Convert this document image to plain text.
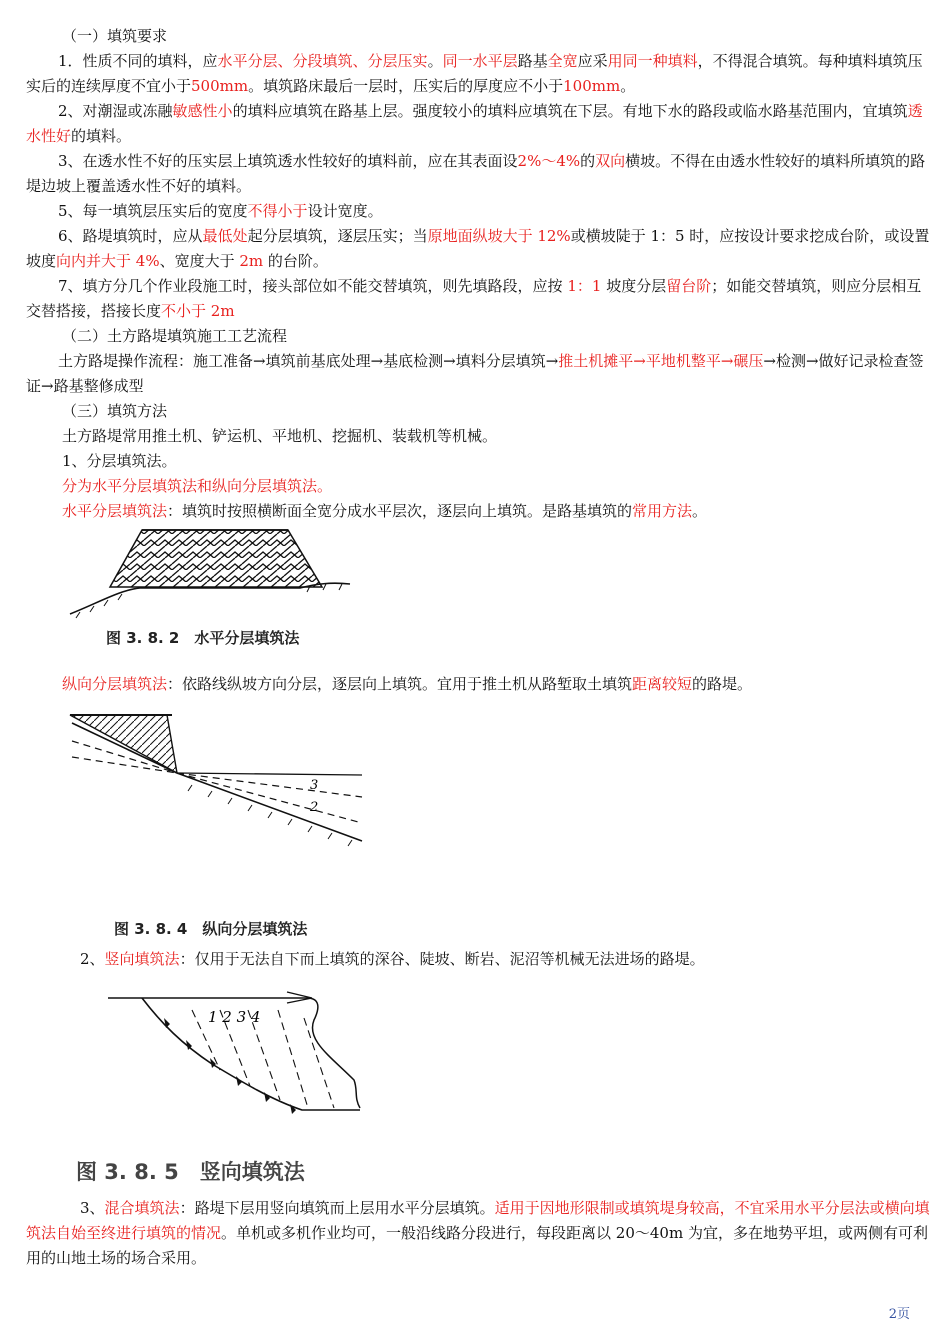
（一）填筑要求

1．性质不同的填料，应水平分层、分段填筑、分层压实。同一水平层路基全宽应采用同一种填料，不得混合填筑。每种填料填筑压实后的连续厚度不宜小于500mm。填筑路床最后一层时，压实后的厚度应不小于100mm。

2、对潮湿或冻融敏感性小的填料应填筑在路基上层。强度较小的填料应填筑在下层。有地下水的路段或临水路基范围内，宜填筑透水性好的填料。

3、在透水性不好的压实层上填筑透水性较好的填料前，应在其表面设2%～4%的双向横坡。不得在由透水性较好的填料所填筑的路堤边坡上覆盖透水性不好的填料。

5、每一填筑层压实后的宽度不得小于设计宽度。

6、路堤填筑时，应从最低处起分层填筑，逐层压实；当原地面纵坡大于 12%或横坡陡于 1：5 时，应按设计要求挖成台阶，或设置坡度向内并大于 4%、宽度大于 2m 的台阶。

7、填方分几个作业段施工时，接头部位如不能交替填筑，则先填路段，应按 1：1 坡度分层留台阶；如能交替填筑，则应分层相互交替搭接，搭接长度不小于 2m

（二）土方路堤填筑施工工艺流程

土方路堤操作流程：施工准备→填筑前基底处理→基底检测→填料分层填筑→推土机摊平→平地机整平→碾压→检测→做好记录检查签证→路基整修成型

（三）填筑方法

土方路堤常用推土机、铲运机、平地机、挖掘机、装载机等机械。

1、分层填筑法。

分为水平分层填筑法和纵向分层填筑法。

水平分层填筑法：填筑时按照横断面全宽分成水平层次，逐层向上填筑。是路基填筑的常用方法。

图 3. 8. 2　水平分层填筑法

纵向分层填筑法：依路线纵坡方向分层，逐层向上填筑。宜用于推土机从路堑取土填筑距离较短的路堤。

3
2
图 3. 8. 4　纵向分层填筑法

2、竖向填筑法：仅用于无法自下而上填筑的深谷、陡坡、断岩、泥沼等机械无法进场的路堤。

1 2 3 4
图 3. 8. 5　竖向填筑法

3、混合填筑法：路堤下层用竖向填筑而上层用水平分层填筑。适用于因地形限制或填筑堤身较高，不宜采用水平分层法或横向填筑法自始至终进行填筑的情况。单机或多机作业均可，一般沿线路分段进行，每段距离以 20～40m 为宜，多在地势平坦，或两侧有可利用的山地土场的场合采用。

2页
